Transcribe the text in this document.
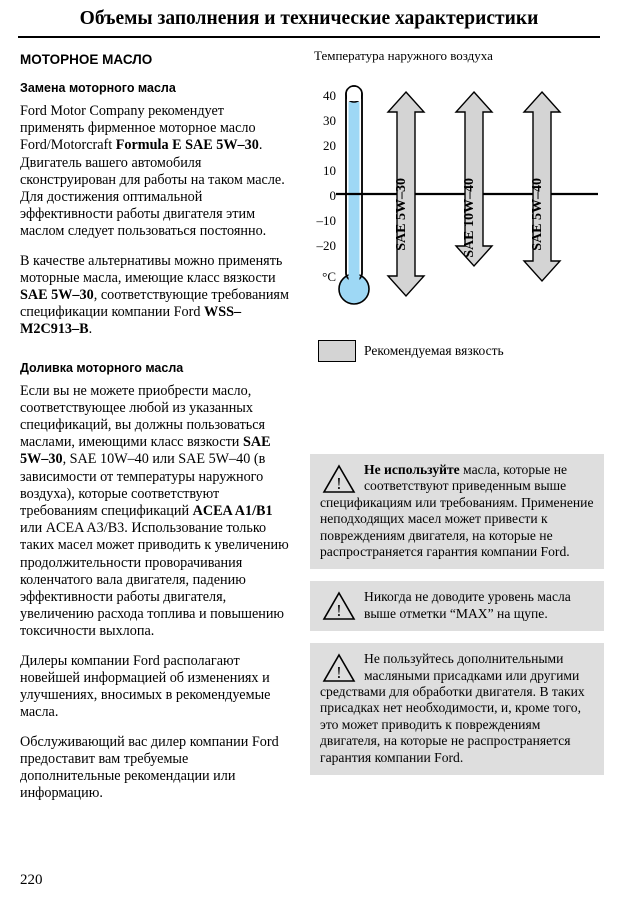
Объемы заполнения и технические характеристики
МОТОРНОЕ МАСЛО
Замена моторного масла

Ford Motor Company рекомендует применять фирменное моторное масло Ford/Motorcraft Formula E SAE 5W–30. Двигатель вашего автомобиля сконструирован для работы на таком масле. Для достижения оптимальной эффективности работы двигателя этим маслом следует пользоваться постоянно.

В качестве альтернативы можно применять моторные масла, имеющие класс вязкости SAE 5W–30, соответствующие требованиям спецификации компании Ford WSS–M2C913–B.

Доливка моторного масла

Если вы не можете приобрести масло, соответствующее любой из указанных спецификаций, вы должны пользоваться маслами, имеющими класс вязкости SAE 5W–30, SAE 10W–40 или SAE 5W–40 (в зависимости от температуры наружного воздуха), которые соответствуют требованиям спецификаций ACEA A1/B1 или ACEA A3/B3. Использование только таких масел может приводить к увеличению продолжительности проворачивания коленчатого вала двигателя, падению эффективности работы двигателя, увеличению расхода топлива и повышению токсичности выхлопа.

Дилеры компании Ford располагают новейшей информацией об изменениях и улучшениях, вносимых в рекомендуемые масла.

Обслуживающий вас дилер компании Ford предоставит вам требуемые дополнительные рекомендации или информацию.

Температура наружного воздуха
40
30
20
10
0
–10
–20
°C
SAE 5W–30	SAE 10W–40	SAE 5W–40
Рекомендуемая вязкость
!

Не используйте масла, которые не соответствуют приведенным выше спецификациям или требованиям. Применение неподходящих масел может привести к повреждениям двигателя, на которые не распространяется гарантия компании Ford.

!

Никогда не доводите уровень масла выше отметки “MAX” на щупе.

!

Не пользуйтесь дополнительными масляными присадками или другими средствами для обработки двигателя. В таких присадках нет необходимости, и, кроме того, это может приводить к повреждениям двигателя, на которые не распространяется гарантия компании Ford.

220
